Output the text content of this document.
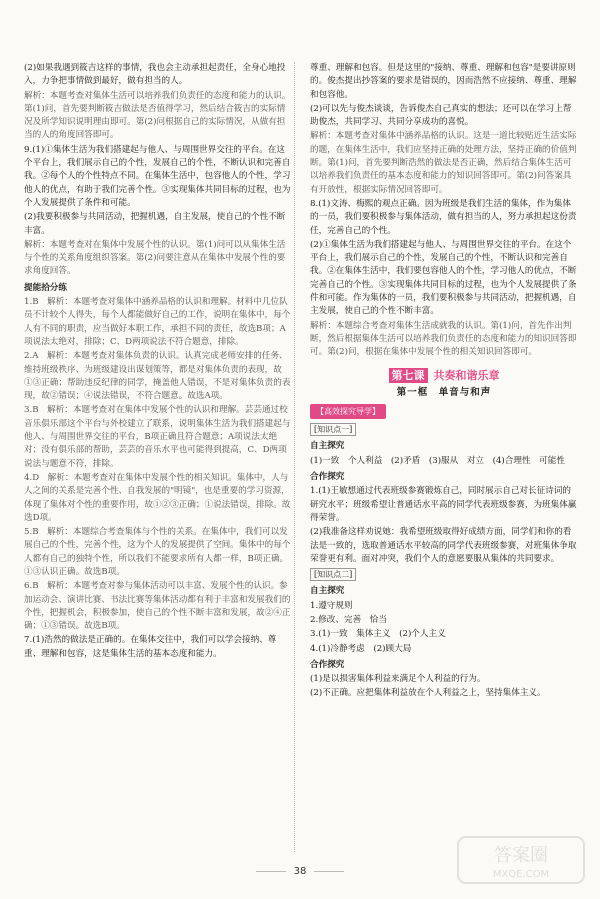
(2)如果我遇到筱吉这样的事情，我也会主动承担起责任，全身心地投入，力争把事情做到最好，做有担当的人。

解析：本题考查对集体生活可以培养我们负责任的态度和能力的认识。第(1)问，首先要判断筱吉做法是否值得学习，然后结合筱吉的实际情况及所学知识说明理由即可。第(2)问根据自己的实际情况，从做有担当的人的角度回答即可。

9.(1)①集体生活为我们搭建起与他人、与周围世界交往的平台。在这个平台上，我们展示自己的个性，发展自己的个性，不断认识和完善自我。②每个人的个性特点不同。在集体生活中，包容他人的个性，学习他人的优点，有助于我们完善个性。③实现集体共同目标的过程，也为个人发展提供了条件和可能。

(2)我要积极参与共同活动，把握机遇，自主发展，使自己的个性不断丰富。

解析：本题考查对在集体中发展个性的认识。第(1)问可以从集体生活与个性的关系角度组织答案。第(2)问要注意从在集体中发展个性的要求角度回答。

提能拾分练

1.B　解析：本题考查对集体中涵养品格的认识和理解。材料中几位队员不计较个人得失，每个人都能做好自己的工作，说明在集体中，每个人有不同的职责，应当做好本职工作，承担不同的责任，故选B项；A项说法太绝对，排除；C、D两项说法不符合题意，排除。

2.A　解析：本题考查对集体负责的认识。认真完成老师安排的任务、维持班级秩序、为班级建设出谋划策等，都是对集体负责的表现，故①③正确；帮助违反纪律的同学，掩盖他人错误，不是对集体负责的表现，故②错误；④说法错误，不符合题意。故选A项。

3.B　解析：本题考查对在集体中发展个性的认识和理解。芸芸通过校音乐俱乐部这个平台与外校建立了联系，说明集体生活为我们搭建起与他人、与周围世界交往的平台，B项正确且符合题意；A项说法太绝对；没有俱乐部的帮助，芸芸的音乐水平也可能得到提高，C、D两项说法与题意不符，排除。

4.D　解析：本题考查对在集体中发展个性的相关知识。集体中，人与人之间的关系是完善个性、自我发展的"明镜"，也是重要的学习资源，体现了集体对个性的重要作用，故①②③正确；①说法错误，排除。故选D项。

5.B　解析：本题综合考查集体与个性的关系。在集体中，我们可以发展自己的个性，完善个性，这为个人的发展提供了空间。集体中的每个人都有自己的独特个性，所以我们不能要求所有人都一样，B项正确。①③认识正确。故选B项。

6.B　解析：本题考查对参与集体活动可以丰富、发展个性的认识。参加运动会、演讲比赛、书法比赛等集体活动都有利于丰富和发展我们的个性，把握机会，积极参加，使自己的个性不断丰富和发展，故②④正确；①③错误。故选B项。

7.(1)浩然的做法是正确的。在集体交往中，我们可以学会接纳、尊重、理解和包容，这是集体生活的基本态度和能力。

尊重、理解和包容。但是这里的"接纳、尊重、理解和包容"是要讲原则的。俊杰提出抄答案的要求是错误的，因而浩然不应接纳、尊重、理解和包容他。

(2)可以先与俊杰谈谈，告诉俊杰自己真实的想法；还可以在学习上帮助俊杰，共同学习、共同分享成功的喜悦。

解析：本题考查对集体中涵养品格的认识。这是一道比较贴近生活实际的题，在集体生活中，我们应坚持正确的处理方法，坚持正确的价值判断。第(1)问，首先要判断浩然的做法是否正确，然后结合集体生活可以培养我们负责任的基本态度和能力的知识回答即可。第(2)问答案具有开放性，根据实际情况回答即可。

8.(1)文涛、梅熙的观点正确。因为班级是我们生活的集体，作为集体的一员，我们要积极参与集体活动，做有担当的人，努力承担起这份责任，完善自己的个性。

(2)①集体生活为我们搭建起与他人、与周围世界交往的平台。在这个平台上，我们展示自己的个性，发展自己的个性，不断认识和完善自我。②在集体生活中，我们要包容他人的个性，学习他人的优点，不断完善自己的个性。③实现集体共同目标的过程，也为个人发展提供了条件和可能。作为集体的一员，我们要积极参与共同活动，把握机遇，自主发展，使自己的个性不断丰富。

解析：本题综合考查对集体生活成就我的认识。第(1)问，首先作出判断，然后根据集体生活可以培养我们负责任的态度和能力的知识回答即可。第(2)问，根据在集体中发展个性的相关知识回答即可。

第七课 共奏和谐乐章

第一框　单音与和声

【高效探究导学】
[知识点一]

自主探究

(1)一致　个人利益　(2)矛盾　(3)服从　对立　(4)合理性　可能性

合作探究

1.(1)王敏想通过代表班级参赛锻炼自己，同时展示自己对长征诗词的研究水平；班级希望让普通话水平高的同学代表班级参赛，为班集体赢得荣誉。

(2)我准备这样劝说她：我希望班级取得好成绩方面，同学们和你的看法是一致的，选取普通话水平较高的同学代表班级参赛，对班集体争取荣誉更有利。面对冲突，我们个人的意愿要服从集体的共同要求。

[知识点二]

自主探究

1.遵守规则

2.修改、完善　恰当

3.(1)一致　集体主义　(2)个人主义

4.(1)冷静考虑　(2)顾大局

合作探究

(1)是以损害集体利益来满足个人利益的行为。

(2)不正确。应把集体利益放在个人利益之上，坚持集体主义。

38
答案圈
MXQE.COM
